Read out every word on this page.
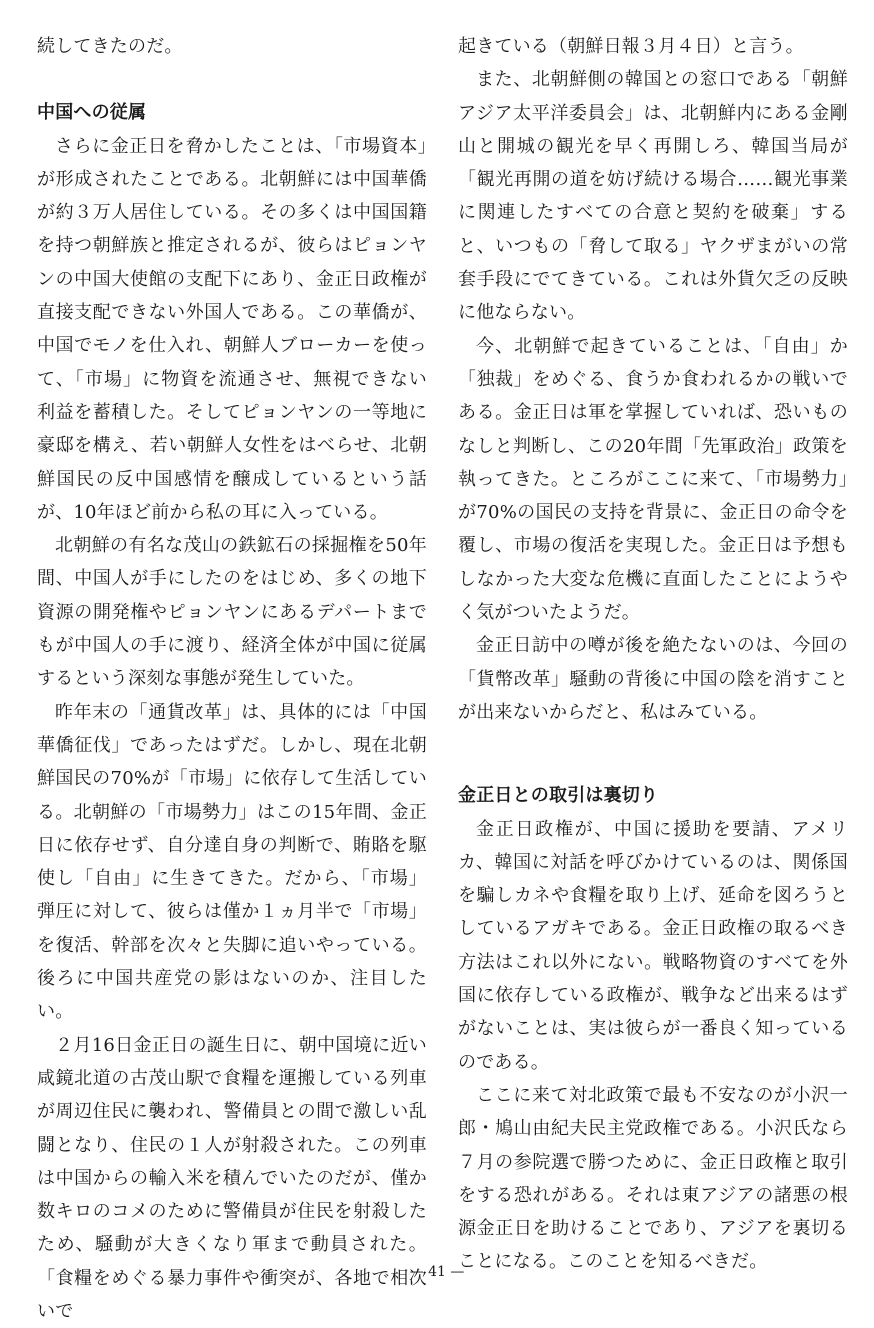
続してきたのだ。

中国への従属

さらに金正日を脅かしたことは、「市場資本」が形成されたことである。北朝鮮には中国華僑が約３万人居住している。その多くは中国国籍を持つ朝鮮族と推定されるが、彼らはピョンヤンの中国大使館の支配下にあり、金正日政権が直接支配できない外国人である。この華僑が、中国でモノを仕入れ、朝鮮人ブローカーを使って、「市場」に物資を流通させ、無視できない利益を蓄積した。そしてピョンヤンの一等地に豪邸を構え、若い朝鮮人女性をはべらせ、北朝鮮国民の反中国感情を醸成しているという話が、10年ほど前から私の耳に入っている。

北朝鮮の有名な茂山の鉄鉱石の採掘権を50年間、中国人が手にしたのをはじめ、多くの地下資源の開発権やピョンヤンにあるデパートまでもが中国人の手に渡り、経済全体が中国に従属するという深刻な事態が発生していた。

昨年末の「通貨改革」は、具体的には「中国華僑征伐」であったはずだ。しかし、現在北朝鮮国民の70%が「市場」に依存して生活している。北朝鮮の「市場勢力」はこの15年間、金正日に依存せず、自分達自身の判断で、賄賂を駆使し「自由」に生きてきた。だから、「市場」弾圧に対して、彼らは僅か１ヵ月半で「市場」を復活、幹部を次々と失脚に追いやっている。後ろに中国共産党の影はないのか、注目したい。

２月16日金正日の誕生日に、朝中国境に近い咸鏡北道の古茂山駅で食糧を運搬している列車が周辺住民に襲われ、警備員との間で激しい乱闘となり、住民の１人が射殺された。この列車は中国からの輸入米を積んでいたのだが、僅か数キロのコメのために警備員が住民を射殺したため、騒動が大きくなり軍まで動員された。「食糧をめぐる暴力事件や衝突が、各地で相次いで

起きている（朝鮮日報３月４日）と言う。

また、北朝鮮側の韓国との窓口である「朝鮮アジア太平洋委員会」は、北朝鮮内にある金剛山と開城の観光を早く再開しろ、韓国当局が「観光再開の道を妨げ続ける場合……観光事業に関連したすべての合意と契約を破棄」すると、いつもの「脅して取る」ヤクザまがいの常套手段にでてきている。これは外貨欠乏の反映に他ならない。

今、北朝鮮で起きていることは、「自由」か「独裁」をめぐる、食うか食われるかの戦いである。金正日は軍を掌握していれば、恐いものなしと判断し、この20年間「先軍政治」政策を執ってきた。ところがここに来て、「市場勢力」が70%の国民の支持を背景に、金正日の命令を覆し、市場の復活を実現した。金正日は予想もしなかった大変な危機に直面したことにようやく気がついたようだ。

金正日訪中の噂が後を絶たないのは、今回の「貨幣改革」騒動の背後に中国の陰を消すことが出来ないからだと、私はみている。

金正日との取引は裏切り

金正日政権が、中国に援助を要請、アメリカ、韓国に対話を呼びかけているのは、関係国を騙しカネや食糧を取り上げ、延命を図ろうとしているアガキである。金正日政権の取るべき方法はこれ以外にない。戦略物資のすべてを外国に依存している政権が、戦争など出来るはずがないことは、実は彼らが一番良く知っているのである。

ここに来て対北政策で最も不安なのが小沢一郎・鳩山由紀夫民主党政権である。小沢氏なら７月の参院選で勝つために、金正日政権と取引をする恐れがある。それは東アジアの諸悪の根源金正日を助けることであり、アジアを裏切ることになる。このことを知るべきだ。

— 41 —
